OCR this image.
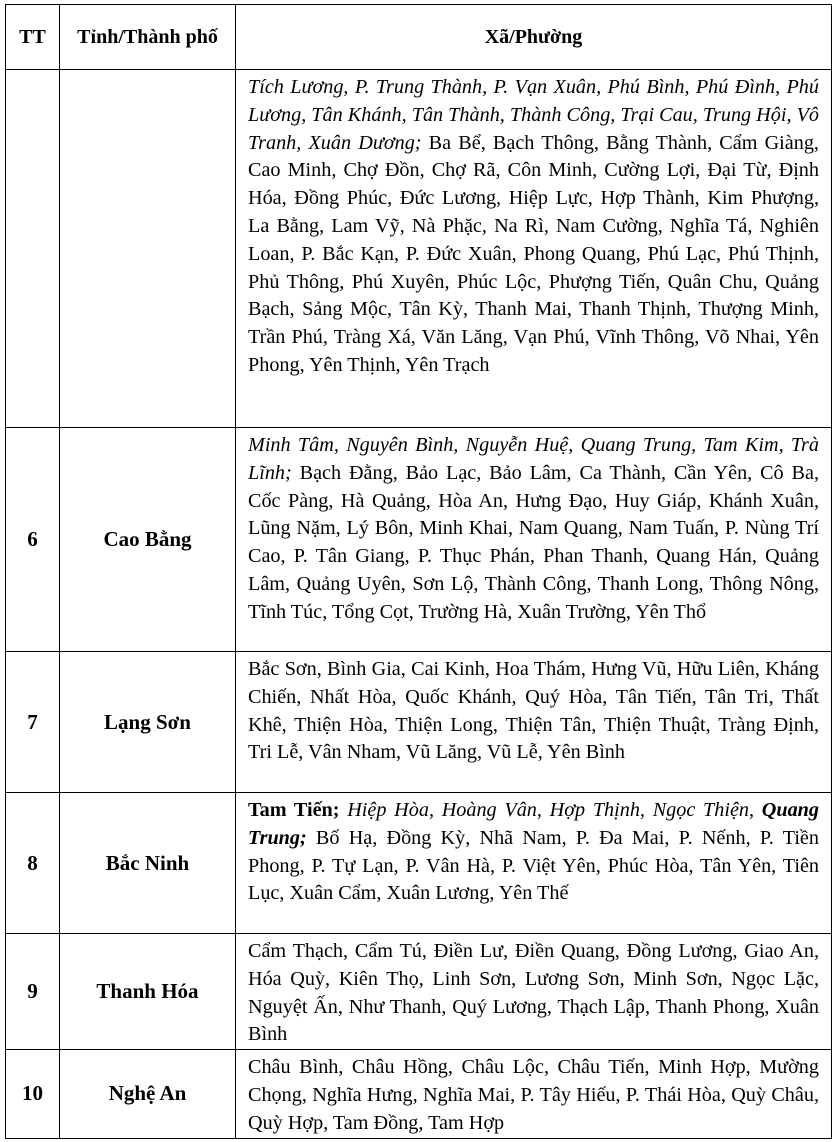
TT	Tỉnh/Thành phố	Xã/Phường
		Tích Lương, P. Trung Thành, P. Vạn Xuân, Phú Bình, Phú Đình, Phú Lương, Tân Khánh, Tân Thành, Thành Công, Trại Cau, Trung Hội, Vô Tranh, Xuân Dương; Ba Bể, Bạch Thông, Bằng Thành, Cẩm Giàng, Cao Minh, Chợ Đồn, Chợ Rã, Côn Minh, Cường Lợi, Đại Từ, Định Hóa, Đồng Phúc, Đức Lương, Hiệp Lực, Hợp Thành, Kim Phượng, La Bằng, Lam Vỹ, Nà Phặc, Na Rì, Nam Cường, Nghĩa Tá, Nghiên Loan, P. Bắc Kạn, P. Đức Xuân, Phong Quang, Phú Lạc, Phú Thịnh, Phủ Thông, Phú Xuyên, Phúc Lộc, Phượng Tiến, Quân Chu, Quảng Bạch, Sảng Mộc, Tân Kỳ, Thanh Mai, Thanh Thịnh, Thượng Minh, Trần Phú, Tràng Xá, Văn Lăng, Vạn Phú, Vĩnh Thông, Võ Nhai, Yên Phong, Yên Thịnh, Yên Trạch
6	Cao Bằng	Minh Tâm, Nguyên Bình, Nguyễn Huệ, Quang Trung, Tam Kim, Trà Lĩnh; Bạch Đằng, Bảo Lạc, Bảo Lâm, Ca Thành, Cần Yên, Cô Ba, Cốc Pàng, Hà Quảng, Hòa An, Hưng Đạo, Huy Giáp, Khánh Xuân, Lũng Nặm, Lý Bôn, Minh Khai, Nam Quang, Nam Tuấn, P. Nùng Trí Cao, P. Tân Giang, P. Thục Phán, Phan Thanh, Quang Hán, Quảng Lâm, Quảng Uyên, Sơn Lộ, Thành Công, Thanh Long, Thông Nông, Tĩnh Túc, Tổng Cọt, Trường Hà, Xuân Trường, Yên Thổ
7	Lạng Sơn	Bắc Sơn, Bình Gia, Cai Kinh, Hoa Thám, Hưng Vũ, Hữu Liên, Kháng Chiến, Nhất Hòa, Quốc Khánh, Quý Hòa, Tân Tiến, Tân Tri, Thất Khê, Thiện Hòa, Thiện Long, Thiện Tân, Thiện Thuật, Tràng Định, Tri Lễ, Vân Nham, Vũ Lăng, Vũ Lễ, Yên Bình
8	Bắc Ninh	Tam Tiến; Hiệp Hòa, Hoàng Vân, Hợp Thịnh, Ngọc Thiện, Quang Trung; Bố Hạ, Đồng Kỳ, Nhã Nam, P. Đa Mai, P. Nếnh, P. Tiền Phong, P. Tự Lạn, P. Vân Hà, P. Việt Yên, Phúc Hòa, Tân Yên, Tiên Lục, Xuân Cẩm, Xuân Lương, Yên Thế
9	Thanh Hóa	Cẩm Thạch, Cẩm Tú, Điền Lư, Điền Quang, Đồng Lương, Giao An, Hóa Quỳ, Kiên Thọ, Linh Sơn, Lương Sơn, Minh Sơn, Ngọc Lặc, Nguyệt Ấn, Như Thanh, Quý Lương, Thạch Lập, Thanh Phong, Xuân Bình
10	Nghệ An	Châu Bình, Châu Hồng, Châu Lộc, Châu Tiến, Minh Hợp, Mường Chọng, Nghĩa Hưng, Nghĩa Mai, P. Tây Hiếu, P. Thái Hòa, Quỳ Châu, Quỳ Hợp, Tam Đồng, Tam Hợp
